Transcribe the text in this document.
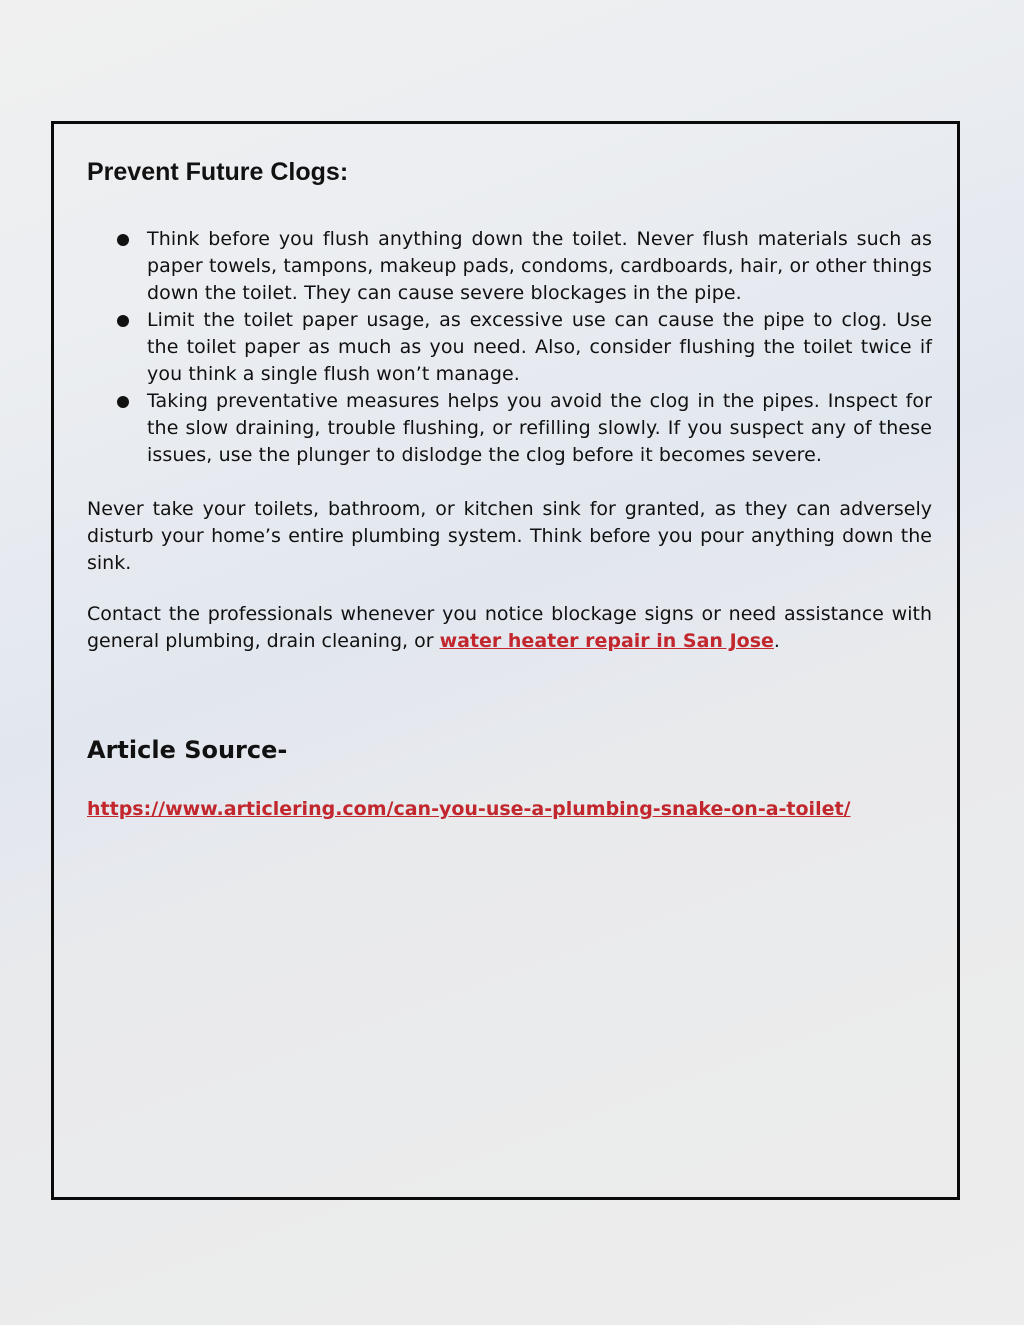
Prevent Future Clogs:
Think before you flush anything down the toilet. Never flush materials such as paper towels, tampons, makeup pads, condoms, cardboards, hair, or other things down the toilet. They can cause severe blockages in the pipe.
Limit the toilet paper usage, as excessive use can cause the pipe to clog. Use the toilet paper as much as you need. Also, consider flushing the toilet twice if you think a single flush won’t manage.
Taking preventative measures helps you avoid the clog in the pipes. Inspect for the slow draining, trouble flushing, or refilling slowly. If you suspect any of these issues, use the plunger to dislodge the clog before it becomes severe.

Never take your toilets, bathroom, or kitchen sink for granted, as they can adversely disturb your home’s entire plumbing system. Think before you pour anything down the sink.

Contact the professionals whenever you notice blockage signs or need assistance with general plumbing, drain cleaning, or water heater repair in San Jose.

Article Source-
https://www.articlering.com/can-you-use-a-plumbing-snake-on-a-toilet/
